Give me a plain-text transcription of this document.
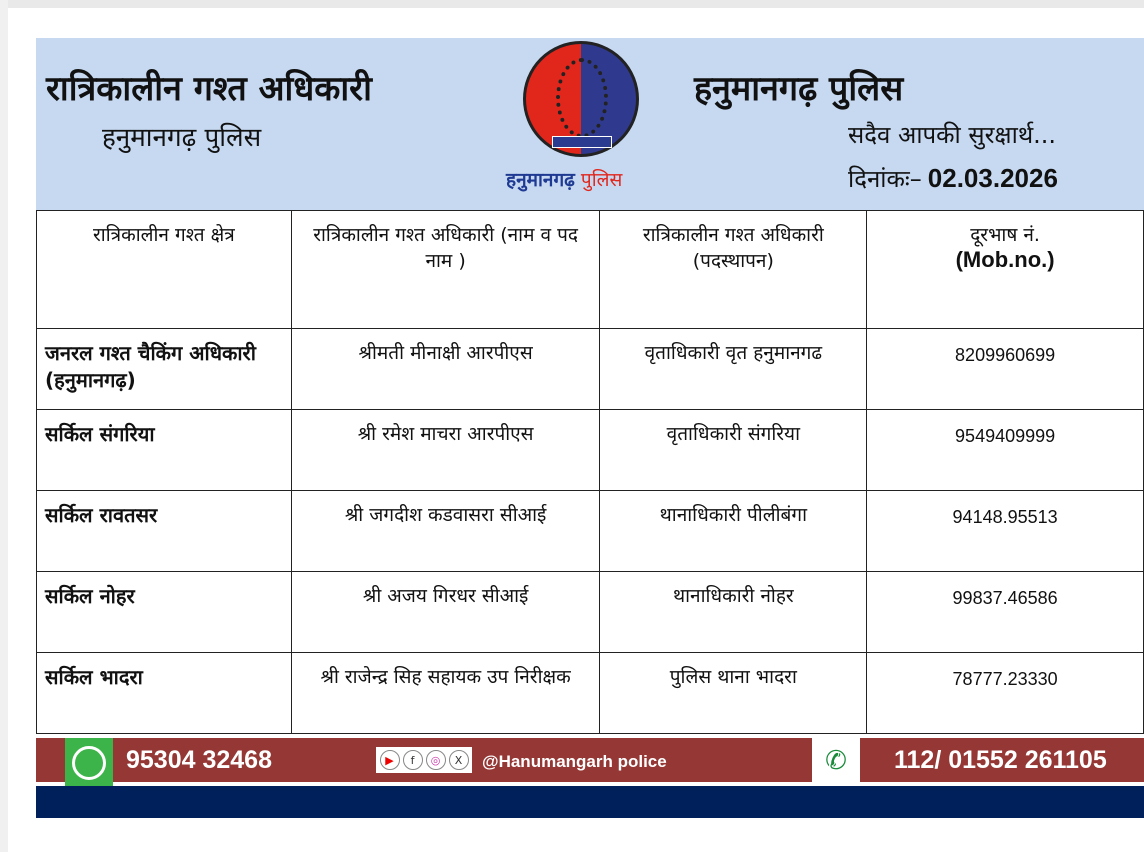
रात्रिकालीन गश्त अधिकारी
हनुमानगढ़ पुलिस
हनुमानगढ़ पुलिस
हनुमानगढ़ पुलिस
सदैव आपकी सुरक्षार्थ...
दिनांकः– 02.03.2026
रात्रिकालीन गश्त क्षेत्र	रात्रिकालीन गश्त अधिकारी (नाम व पद नाम )	रात्रिकालीन गश्त अधिकारी (पदस्थापन)	दूरभाष नं.
(Mob.no.)

जनरल गश्त चैकिंग अधिकारी (हनुमानगढ़)	श्रीमती मीनाक्षी आरपीएस	वृताधिकारी वृत हनुमानगढ	8209960699
सर्किल संगरिया	श्री रमेश माचरा आरपीएस	वृताधिकारी संगरिया	9549409999
सर्किल रावतसर	श्री जगदीश कडवासरा सीआई	थानाधिकारी पीलीबंगा	94148.95513
सर्किल नोहर	श्री अजय गिरधर सीआई	थानाधिकारी नोहर	99837.46586
सर्किल भादरा	श्री राजेन्द्र सिह सहायक उप निरीक्षक	पुलिस थाना भादरा	78777.23330
95304 32468	▶	f	◎	X	@Hanumangarh police	✆	112/ 01552 261105
